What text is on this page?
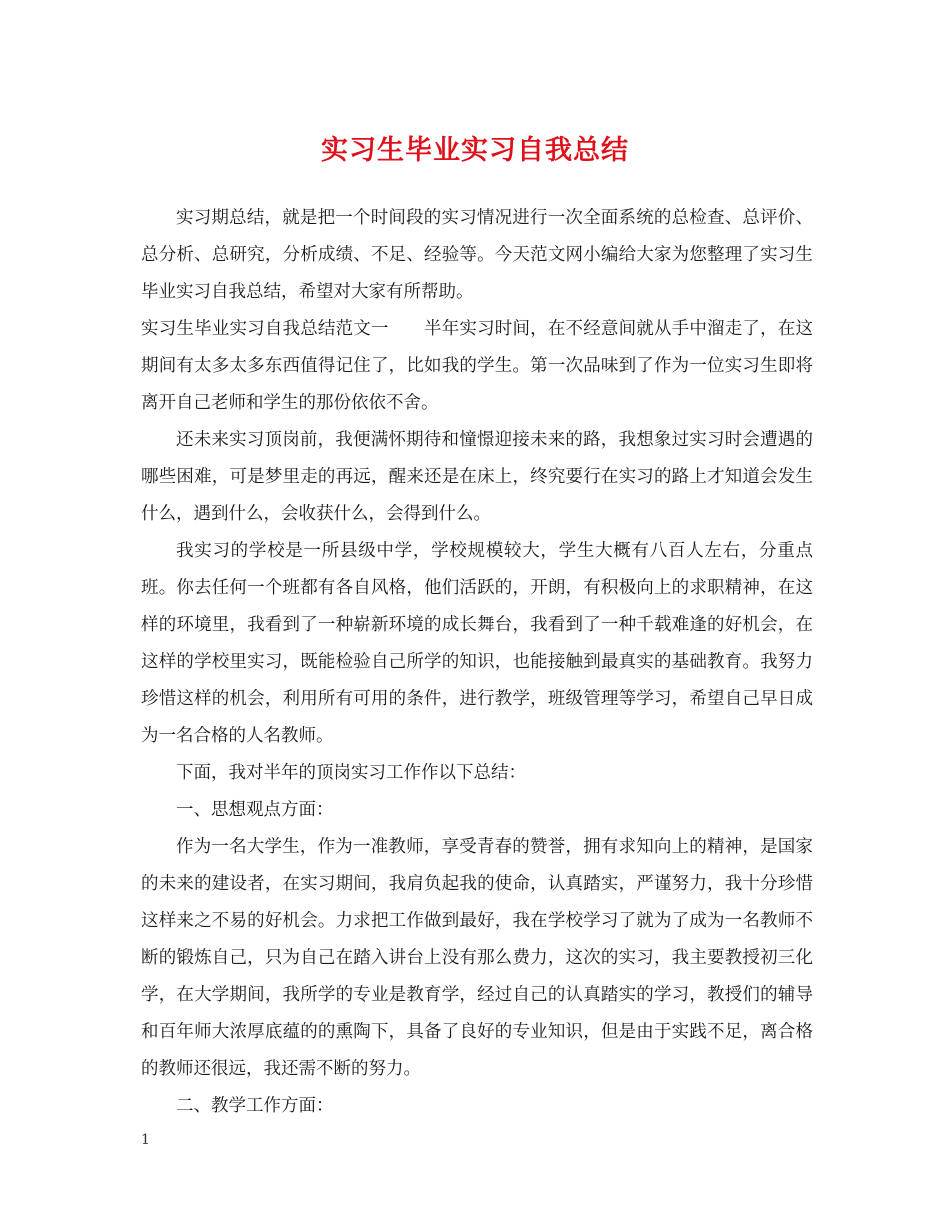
实习生毕业实习自我总结

实习期总结，就是把一个时间段的实习情况进行一次全面系统的总检查、总评价、总分析、总研究，分析成绩、不足、经验等。今天范文网小编给大家为您整理了实习生毕业实习自我总结，希望对大家有所帮助。

实习生毕业实习自我总结范文一　　半年实习时间，在不经意间就从手中溜走了，在这期间有太多太多东西值得记住了，比如我的学生。第一次品味到了作为一位实习生即将离开自己老师和学生的那份依依不舍。

还未来实习顶岗前，我便满怀期待和憧憬迎接未来的路，我想象过实习时会遭遇的哪些困难，可是梦里走的再远，醒来还是在床上，终究要行在实习的路上才知道会发生什么，遇到什么，会收获什么，会得到什么。

我实习的学校是一所县级中学，学校规模较大，学生大概有八百人左右，分重点班。你去任何一个班都有各自风格，他们活跃的，开朗，有积极向上的求职精神，在这样的环境里，我看到了一种崭新环境的成长舞台，我看到了一种千载难逢的好机会，在这样的学校里实习，既能检验自己所学的知识，也能接触到最真实的基础教育。我努力珍惜这样的机会，利用所有可用的条件，进行教学，班级管理等学习，希望自己早日成为一名合格的人名教师。

下面，我对半年的顶岗实习工作作以下总结：

一、思想观点方面：

作为一名大学生，作为一准教师，享受青春的赞誉，拥有求知向上的精神，是国家的未来的建设者，在实习期间，我肩负起我的使命，认真踏实，严谨努力，我十分珍惜这样来之不易的好机会。力求把工作做到最好，我在学校学习了就为了成为一名教师不断的锻炼自己，只为自己在踏入讲台上没有那么费力，这次的实习，我主要教授初三化学，在大学期间，我所学的专业是教育学，经过自己的认真踏实的学习，教授们的辅导和百年师大浓厚底蕴的的熏陶下，具备了良好的专业知识，但是由于实践不足，离合格的教师还很远，我还需不断的努力。

二、教学工作方面：

1
